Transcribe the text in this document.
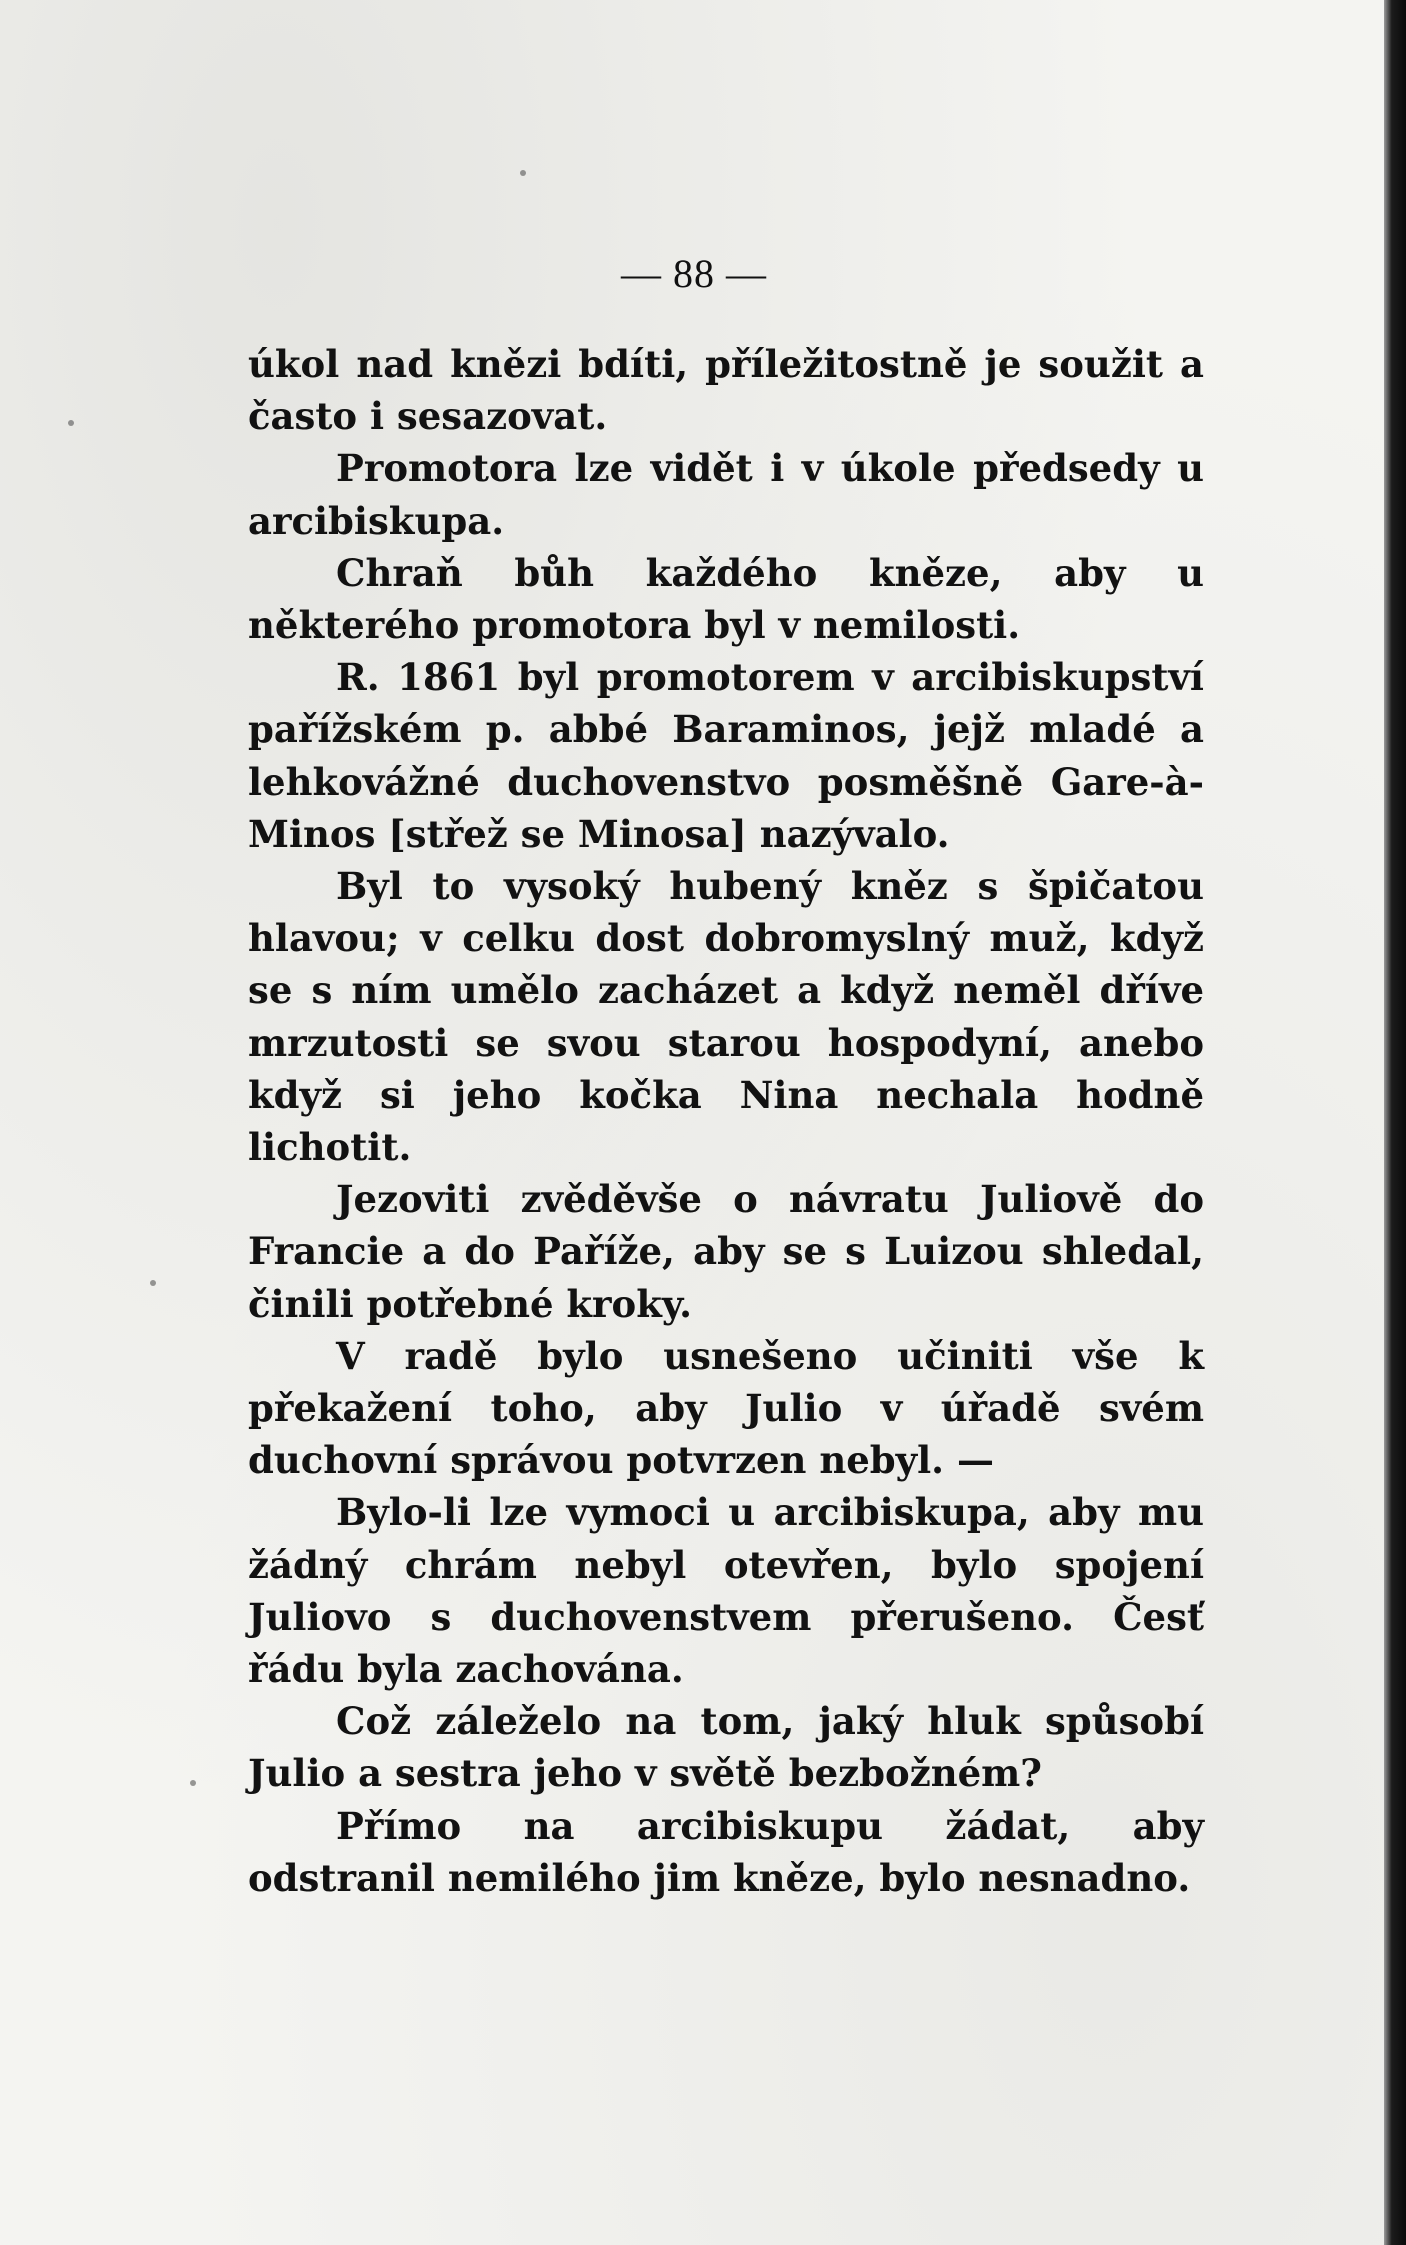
— 88 —

úkol nad knězi bdíti, příležitostně je soužit a často i sesazovat.

Promotora lze vidět i v úkole předsedy u arcibiskupa.

Chraň bůh každého kněze, aby u některého promotora byl v nemilosti.

R. 1861 byl promotorem v arcibiskupství pařížském p. abbé Baraminos, jejž mladé a lehkovážné duchovenstvo posměšně Gare-à-Minos [střež se Minosa] nazývalo.

Byl to vysoký hubený kněz s špičatou hlavou; v celku dost dobromyslný muž, když se s ním umělo zacházet a když neměl dříve mrzutosti se svou starou hospodyní, anebo když si jeho kočka Nina nechala hodně lichotit.

Jezoviti zvěděvše o návratu Juliově do Francie a do Paříže, aby se s Luizou shledal, činili potřebné kroky.

V radě bylo usnešeno učiniti vše k překažení toho, aby Julio v úřadě svém duchovní správou potvrzen nebyl. —

Bylo-li lze vymoci u arcibiskupa, aby mu žádný chrám nebyl otevřen, bylo spojení Juliovo s duchovenstvem přerušeno. Česť řádu byla zachována.

Což záleželo na tom, jaký hluk spůsobí Julio a sestra jeho v světě bezbožném?

Přímo na arcibiskupu žádat, aby odstranil nemilého jim kněze, bylo nesnadno.
